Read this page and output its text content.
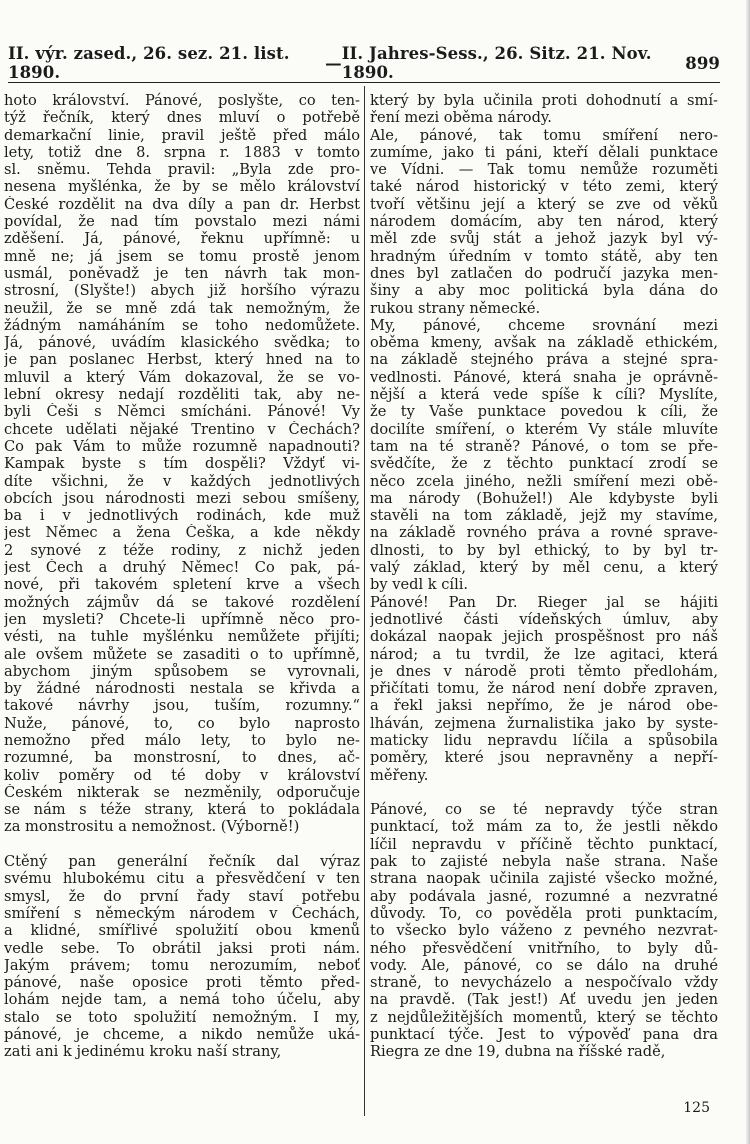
II. výr. zased., 26. sez. 21. list. 1890.	— II. Jahres-Sess., 26. Sitz. 21. Nov. 1890.	899
hoto království. Pánové, poslyšte, co ten-
týž řečník, který dnes mluví o potřebě
demarkační linie, pravil ještě před málo
lety, totiž dne 8. srpna r. 1883 v tomto
sl. sněmu. Tehda pravil: „Byla zde pro-
nesena myšlénka, že by se mělo království
České rozdělit na dva díly a pan dr. Herbst
povídal, že nad tím povstalo mezi námi
zděšení. Já, pánové, řeknu upřímně: u
mně ne; já jsem se tomu prostě jenom
usmál, poněvadž je ten návrh tak mon-
strosní, (Slyšte!) abych již horšího výrazu
neužil, že se mně zdá tak nemožným, že
žádným namáháním se toho nedomůžete.
Já, pánové, uvádím klasického svědka; to
je pan poslanec Herbst, který hned na to
mluvil a který Vám dokazoval, že se vo-
lební okresy nedají rozděliti tak, aby ne-
byli Češi s Němci smícháni. Pánové! Vy
chcete udělati nějaké Trentino v Čechách?
Co pak Vám to může rozumně napadnouti?
Kampak byste s tím dospěli? Vždyť vi-
díte všichni, že v každých jednotlivých
obcích jsou národnosti mezi sebou smíšeny,
ba i v jednotlivých rodinách, kde muž
jest Němec a žena Češka, a kde někdy
2 synové z téže rodiny, z nichž jeden
jest Čech a druhý Němec! Co pak, pá-
nové, při takovém spletení krve a všech
možných zájmův dá se takové rozdělení
jen mysleti? Chcete-li upřímně něco pro-
vésti, na tuhle myšlénku nemůžete přijíti;
ale ovšem můžete se zasaditi o to upřímně,
abychom jiným spůsobem se vyrovnali,
by žádné národnosti nestala se křivda a
takové návrhy jsou, tuším, rozumny.“
Nuže, pánové, to, co bylo naprosto
nemožno před málo lety, to bylo ne-
rozumné, ba monstrosní, to dnes, ač-
koliv poměry od té doby v království
Českém nikterak se nezměnily, odporučuje
se nám s téže strany, která to pokládala
za monstrositu a nemožnost. (Výborně!)

Ctěný pan generální řečník dal výraz
svému hlubokému citu a přesvědčení v ten
smysl, že do první řady staví potřebu
smíření s německým národem v Čechách,
a klidné, smířlivé spolužití obou kmenů
vedle sebe. To obrátil jaksi proti nám.
Jakým právem; tomu nerozumím, neboť
pánové, naše oposice proti těmto před-
lohám nejde tam, a nemá toho účelu, aby
stalo se toto spolužití nemožným. I my,
pánové, je chceme, a nikdo nemůže uká-
zati ani k jedinému kroku naší strany,
který by byla učinila proti dohodnutí a smí-
ření mezi oběma národy.
Ale, pánové, tak tomu smíření nero-
zumíme, jako ti páni, kteří dělali punktace
ve Vídni. — Tak tomu nemůže rozuměti
také národ historický v této zemi, který
tvoří většinu její a který se zve od věků
národem domácím, aby ten národ, který
měl zde svůj stát a jehož jazyk byl vý-
hradným úředním v tomto státě, aby ten
dnes byl zatlačen do područí jazyka men-
šiny a aby moc politická byla dána do
rukou strany německé.
My, pánové, chceme srovnání mezi
oběma kmeny, avšak na základě ethickém,
na základě stejného práva a stejné spra-
vedlnosti. Pánové, která snaha je oprávně-
nější a která vede spíše k cíli? Myslíte,
že ty Vaše punktace povedou k cíli, že
docilíte smíření, o kterém Vy stále mluvíte
tam na té straně? Pánové, o tom se pře-
svědčíte, že z těchto punktací zrodí se
něco zcela jiného, nežli smíření mezi obě-
ma národy (Bohužel!) Ale kdybyste byli
stavěli na tom základě, jejž my stavíme,
na základě rovného práva a rovné sprave-
dlnosti, to by byl ethický, to by byl tr-
valý základ, který by měl cenu, a který
by vedl k cíli.
Pánové! Pan Dr. Rieger jal se hájiti
jednotlivé části vídeňských úmluv, aby
dokázal naopak jejich prospěšnost pro náš
národ; a tu tvrdil, že lze agitaci, která
je dnes v národě proti těmto předlohám,
přičítati tomu, že národ není dobře zpraven,
a řekl jaksi nepřímo, že je národ obe-
lháván, zejmena žurnalistika jako by syste-
maticky lidu nepravdu líčila a spůsobila
poměry, které jsou nepravněny a nepří-
měřeny.

Pánové, co se té nepravdy týče stran
punktací, tož mám za to, že jestli někdo
líčil nepravdu v příčině těchto punktací,
pak to zajisté nebyla naše strana. Naše
strana naopak učinila zajisté všecko možné,
aby podávala jasné, rozumné a nezvratné
důvody. To, co pověděla proti punktacím,
to všecko bylo váženo z pevného nezvrat-
ného přesvědčení vnitřního, to byly dů-
vody. Ale, pánové, co se dálo na druhé
straně, to nevycházelo a nespočívalo vždy
na pravdě. (Tak jest!) Ať uvedu jen jeden
z nejdůležitějších momentů, který se těchto
punktací týče. Jest to výpověď pana dra
Riegra ze dne 19, dubna na říšské radě,
125
